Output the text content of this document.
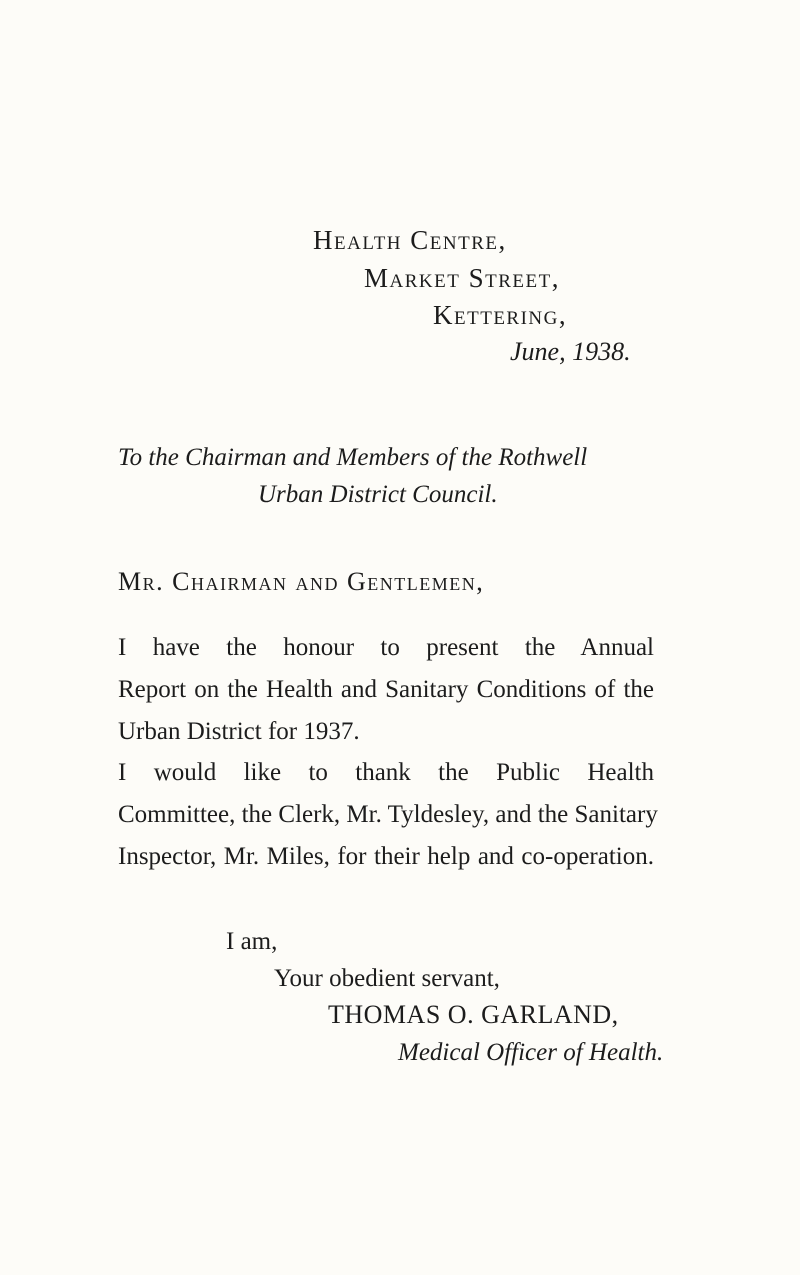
Health Centre,
Market Street,
Kettering,
June, 1938.
To the Chairman and Members of the Rothwell
Urban District Council.
Mr. Chairman and Gentlemen,
I have the honour to present the Annual
Report on the Health and Sanitary Conditions of the
Urban District for 1937.
I would like to thank the Public Health
Committee, the Clerk, Mr. Tyldesley, and the Sanitary
Inspector, Mr. Miles, for their help and co-operation.
I am,
Your obedient servant,
THOMAS O. GARLAND,
Medical Officer of Health.
